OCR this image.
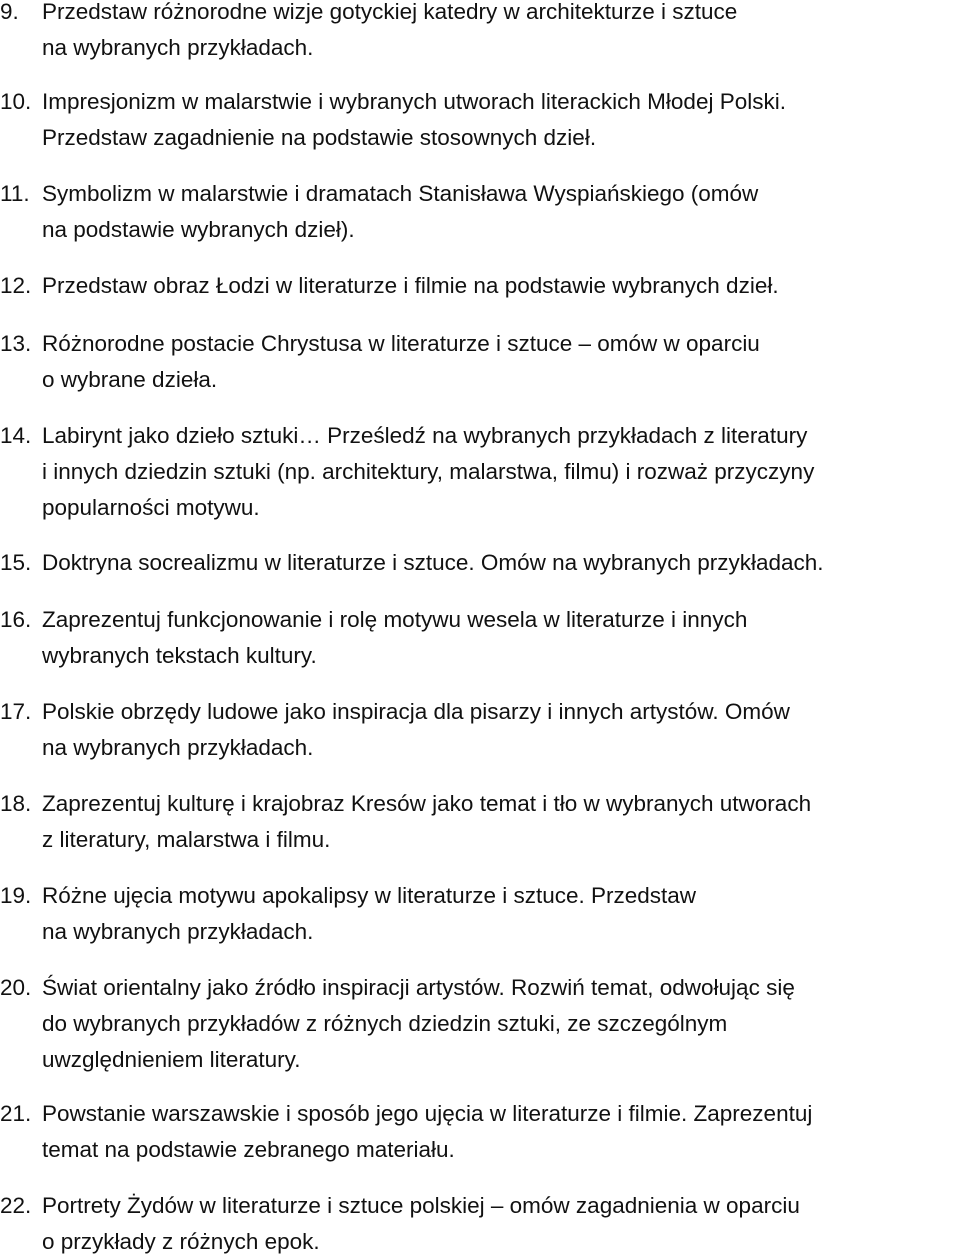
9.	Przedstaw różnorodne wizje gotyckiej katedry w architekturze i sztuce
na wybranych przykładach.
10. Impresjonizm w malarstwie i wybranych utworach literackich Młodej Polski.
Przedstaw zagadnienie na podstawie stosownych dzieł.
11. Symbolizm w malarstwie i dramatach Stanisława Wyspiańskiego (omów
na podstawie wybranych dzieł).
12. Przedstaw obraz Łodzi w literaturze i filmie na podstawie wybranych dzieł.
13. Różnorodne postacie Chrystusa w literaturze i sztuce – omów w oparciu
o wybrane dzieła.
14. Labirynt jako dzieło sztuki… Prześledź na wybranych przykładach z literatury
i innych dziedzin sztuki (np. architektury, malarstwa, filmu) i rozważ przyczyny
popularności motywu.
15. Doktryna socrealizmu w literaturze i sztuce. Omów na wybranych przykładach.
16. Zaprezentuj funkcjonowanie i rolę motywu wesela w literaturze i innych
wybranych tekstach kultury.
17. Polskie obrzędy ludowe jako inspiracja dla pisarzy i innych artystów. Omów
na wybranych przykładach.
18. Zaprezentuj kulturę i krajobraz Kresów jako temat i tło w wybranych utworach
z literatury, malarstwa i filmu.
19. Różne ujęcia motywu apokalipsy w literaturze i sztuce. Przedstaw
na wybranych przykładach.
20. Świat orientalny jako źródło inspiracji artystów. Rozwiń temat, odwołując się
do wybranych przykładów z różnych dziedzin sztuki, ze szczególnym
uwzględnieniem literatury.
21. Powstanie warszawskie i sposób jego ujęcia w literaturze i filmie. Zaprezentuj
temat na podstawie zebranego materiału.
22. Portrety Żydów w literaturze i sztuce polskiej – omów zagadnienia w oparciu
o przykłady z różnych epok.
